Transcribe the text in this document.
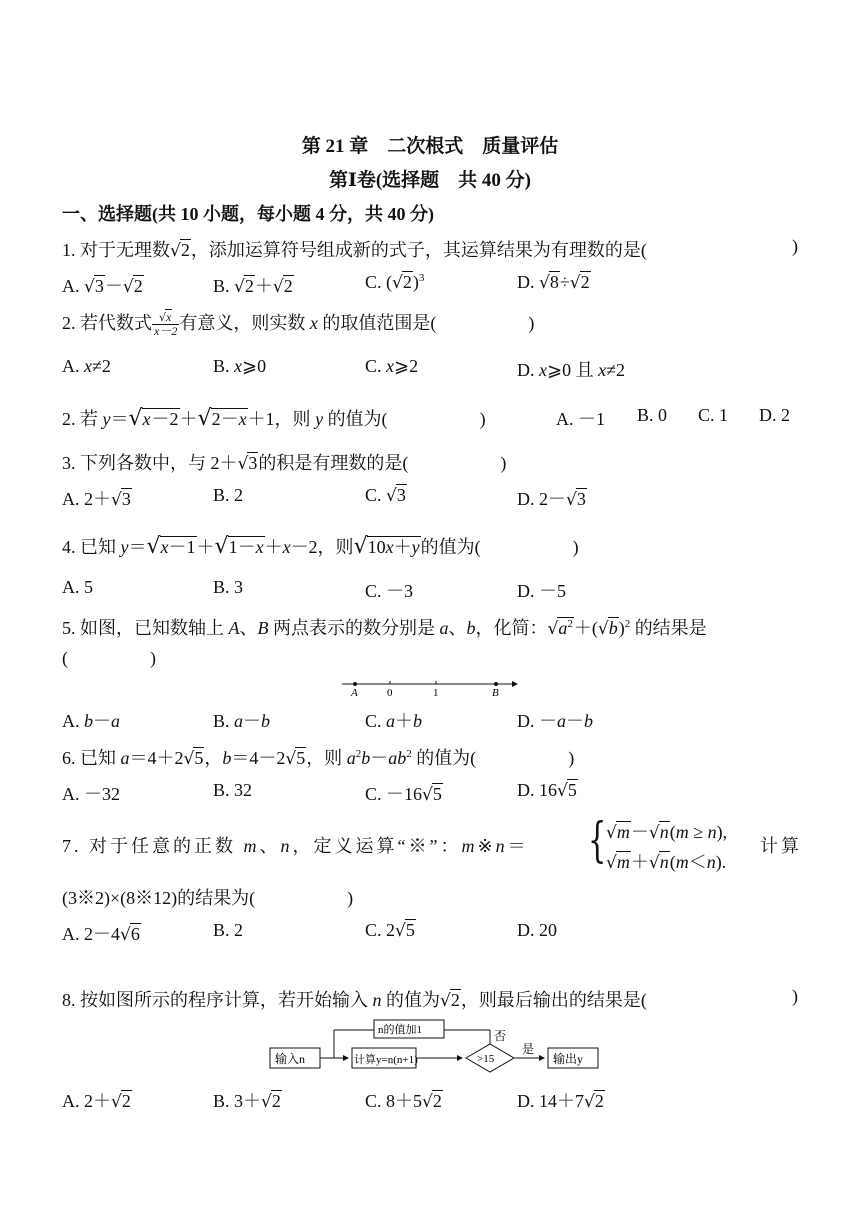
第 21 章　二次根式　质量评估
第Ⅰ卷(选择题　共 40 分)
一、选择题(共 10 小题，每小题 4 分，共 40 分)
1. 对于无理数√2，添加运算符号组成新的式子，其运算结果为有理数的是(	)
A. √3－√2	B. √2＋√2	C. $(√2)^3$	D. √8÷√2
2. 若代数式 $\frac{√x}{x-2}$ 有意义，则实数 x 的取值范围是(	)
A. x≠2	B. x⩾0	C. x⩾2	D. x⩾0 且 x≠2
2. 若 y＝√x－2＋√2－x＋1，则 y 的值为(	)	A. －1 B. 0 C. 1 D. 2
3. 下列各数中，与 2＋√3的积是有理数的是(	)
A. 2＋√3	B. 2	C. √3	D. 2－√3
4. 已知 y＝√x－1＋√1－x＋x－2，则√10x＋y的值为(	)
A. 5	B. 3	C. －3	D. －5
5. 如图，已知数轴上 A、B 两点表示的数分别是 a、b，化简：$√a^2+(√b)^2$ 的结果是
(	)
A	0	1	B
A. b－a	B. a－b	C. a＋b	D. －a－b
6. 已知 a＝4＋2√5，b＝4－2√5，则 $a^2b-ab^2$ 的值为(	)
A. －32	B. 32	C. －16√5	D. 16√5
7. 对于任意的正数 m、n，定义运算“※”：m※n＝ { √m－√n(m ≥ n),
√m＋√n(m＜n).
计算
(3※2)×(8※12)的结果为(	)
A. 2－4√6	B. 2	C. 2√5	D. 20
8. 按如图所示的程序计算，若开始输入 n 的值为√2，则最后输出的结果是(	)
输入n	计算y=n(n+1)	>15
n的值加1	否
是
输出y
A. 2＋√2	B. 3＋√2	C. 8＋5√2	D. 14＋7√2
